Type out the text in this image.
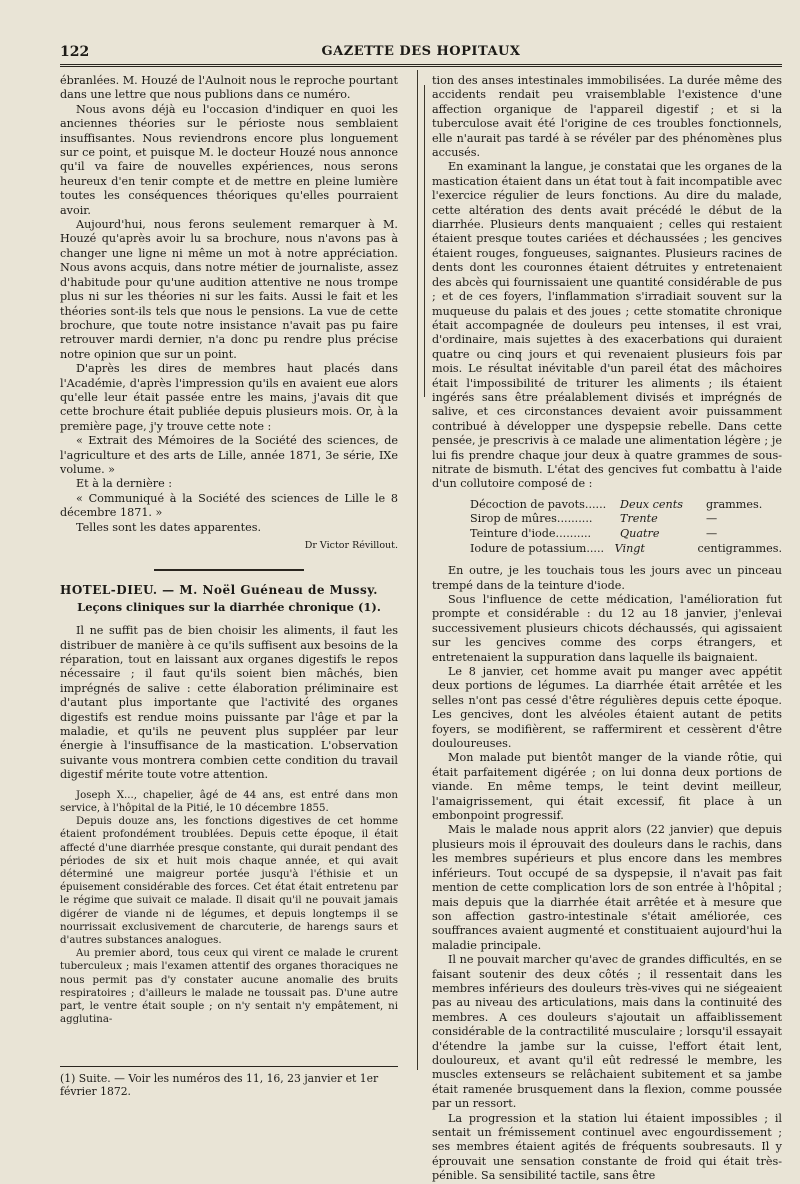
122	GAZETTE DES HOPITAUX

ébranlées. M. Houzé de l'Aulnoit nous le reproche pourtant dans une lettre que nous publions dans ce numéro.

Nous avons déjà eu l'occasion d'indiquer en quoi les anciennes théories sur le périoste nous semblaient insuffisantes. Nous reviendrons encore plus longuement sur ce point, et puisque M. le docteur Houzé nous annonce qu'il va faire de nouvelles expériences, nous serons heureux d'en tenir compte et de mettre en pleine lumière toutes les conséquences théoriques qu'elles pourraient avoir.

Aujourd'hui, nous ferons seulement remarquer à M. Houzé qu'après avoir lu sa brochure, nous n'avons pas à changer une ligne ni même un mot à notre appréciation. Nous avons acquis, dans notre métier de journaliste, assez d'habitude pour qu'une audition attentive ne nous trompe plus ni sur les théories ni sur les faits. Aussi le fait et les théories sont-ils tels que nous le pensions. La vue de cette brochure, que toute notre insistance n'avait pas pu faire retrouver mardi dernier, n'a donc pu rendre plus précise notre opinion que sur un point.

D'après les dires de membres haut placés dans l'Académie, d'après l'impression qu'ils en avaient eue alors qu'elle leur était passée entre les mains, j'avais dit que cette brochure était publiée depuis plusieurs mois. Or, à la première page, j'y trouve cette note :

« Extrait des Mémoires de la Société des sciences, de l'agriculture et des arts de Lille, année 1871, 3e série, IXe volume. »

Et à la dernière :

« Communiqué à la Société des sciences de Lille le 8 décembre 1871. »

Telles sont les dates apparentes.

Dr Victor Révillout.
HOTEL-DIEU. — M. Noël Guéneau de Mussy.
Leçons cliniques sur la diarrhée chronique (1).

Il ne suffit pas de bien choisir les aliments, il faut les distribuer de manière à ce qu'ils suffisent aux besoins de la réparation, tout en laissant aux organes digestifs le repos nécessaire ; il faut qu'ils soient bien mâchés, bien imprégnés de salive : cette élaboration préliminaire est d'autant plus importante que l'activité des organes digestifs est rendue moins puissante par l'âge et par la maladie, et qu'ils ne peuvent plus suppléer par leur énergie à l'insuffisance de la mastication. L'observation suivante vous montrera combien cette condition du travail digestif mérite toute votre attention.

Joseph X..., chapelier, âgé de 44 ans, est entré dans mon service, à l'hôpital de la Pitié, le 10 décembre 1855.

Depuis douze ans, les fonctions digestives de cet homme étaient profondément troublées. Depuis cette époque, il était affecté d'une diarrhée presque constante, qui durait pendant des périodes de six et huit mois chaque année, et qui avait déterminé une maigreur portée jusqu'à l'éthisie et un épuisement considérable des forces. Cet état était entretenu par le régime que suivait ce malade. Il disait qu'il ne pouvait jamais digérer de viande ni de légumes, et depuis longtemps il se nourrissait exclusivement de charcuterie, de harengs saurs et d'autres substances analogues.

Au premier abord, tous ceux qui virent ce malade le crurent tuberculeux ; mais l'examen attentif des organes thoraciques ne nous permit pas d'y constater aucune anomalie des bruits respiratoires ; d'ailleurs le malade ne toussait pas. D'une autre part, le ventre était souple ; on n'y sentait n'y empâtement, ni agglutina-

(1) Suite. — Voir les numéros des 11, 16, 23 janvier et 1er février 1872.

tion des anses intestinales immobilisées. La durée même des accidents rendait peu vraisemblable l'existence d'une affection organique de l'appareil digestif ; et si la tuberculose avait été l'origine de ces troubles fonctionnels, elle n'aurait pas tardé à se révéler par des phénomènes plus accusés.

En examinant la langue, je constatai que les organes de la mastication étaient dans un état tout à fait incompatible avec l'exercice régulier de leurs fonctions. Au dire du malade, cette altération des dents avait précédé le début de la diarrhée. Plusieurs dents manquaient ; celles qui restaient étaient presque toutes cariées et déchaussées ; les gencives étaient rouges, fongueuses, saignantes. Plusieurs racines de dents dont les couronnes étaient détruites y entretenaient des abcès qui fournissaient une quantité considérable de pus ; et de ces foyers, l'inflammation s'irradiait souvent sur la muqueuse du palais et des joues ; cette stomatite chronique était accompagnée de douleurs peu intenses, il est vrai, d'ordinaire, mais sujettes à des exacerbations qui duraient quatre ou cinq jours et qui revenaient plusieurs fois par mois. Le résultat inévitable d'un pareil état des mâchoires était l'impossibilité de triturer les aliments ; ils étaient ingérés sans être préalablement divisés et imprégnés de salive, et ces circonstances devaient avoir puissamment contribué à développer une dyspepsie rebelle. Dans cette pensée, je prescrivis à ce malade une alimentation légère ; je lui fis prendre chaque jour deux à quatre grammes de sous-nitrate de bismuth. L'état des gencives fut combattu à l'aide d'un collutoire composé de :

Décoction de pavots......	Deux cents	grammes.
Sirop de mûres..........	Trente	—
Teinture d'iode..........	Quatre	—
Iodure de potassium..... Vingt	centigrammes.

En outre, je les touchais tous les jours avec un pinceau trempé dans de la teinture d'iode.

Sous l'influence de cette médication, l'amélioration fut prompte et considérable : du 12 au 18 janvier, j'enlevai successivement plusieurs chicots déchaussés, qui agissaient sur les gencives comme des corps étrangers, et entretenaient la suppuration dans laquelle ils baignaient.

Le 8 janvier, cet homme avait pu manger avec appétit deux portions de légumes. La diarrhée était arrêtée et les selles n'ont pas cessé d'être régulières depuis cette époque. Les gencives, dont les alvéoles étaient autant de petits foyers, se modifièrent, se raffermirent et cessèrent d'être douloureuses.

Mon malade put bientôt manger de la viande rôtie, qui était parfaitement digérée ; on lui donna deux portions de viande. En même temps, le teint devint meilleur, l'amaigrissement, qui était excessif, fit place à un embonpoint progressif.

Mais le malade nous apprit alors (22 janvier) que depuis plusieurs mois il éprouvait des douleurs dans le rachis, dans les membres supérieurs et plus encore dans les membres inférieurs. Tout occupé de sa dyspepsie, il n'avait pas fait mention de cette complication lors de son entrée à l'hôpital ; mais depuis que la diarrhée était arrêtée et à mesure que son affection gastro-intestinale s'était améliorée, ces souffrances avaient augmenté et constituaient aujourd'hui la maladie principale.

Il ne pouvait marcher qu'avec de grandes difficultés, en se faisant soutenir des deux côtés ; il ressentait dans les membres inférieurs des douleurs très-vives qui ne siégeaient pas au niveau des articulations, mais dans la continuité des membres. A ces douleurs s'ajoutait un affaiblissement considérable de la contractilité musculaire ; lorsqu'il essayait d'étendre la jambe sur la cuisse, l'effort était lent, douloureux, et avant qu'il eût redressé le membre, les muscles extenseurs se relâchaient subitement et sa jambe était ramenée brusquement dans la flexion, comme poussée par un ressort.

La progression et la station lui étaient impossibles ; il sentait un frémissement continuel avec engourdissement ; ses membres étaient agités de fréquents soubresauts. Il y éprouvait une sensation constante de froid qui était très-pénible. Sa sensibilité tactile, sans être
